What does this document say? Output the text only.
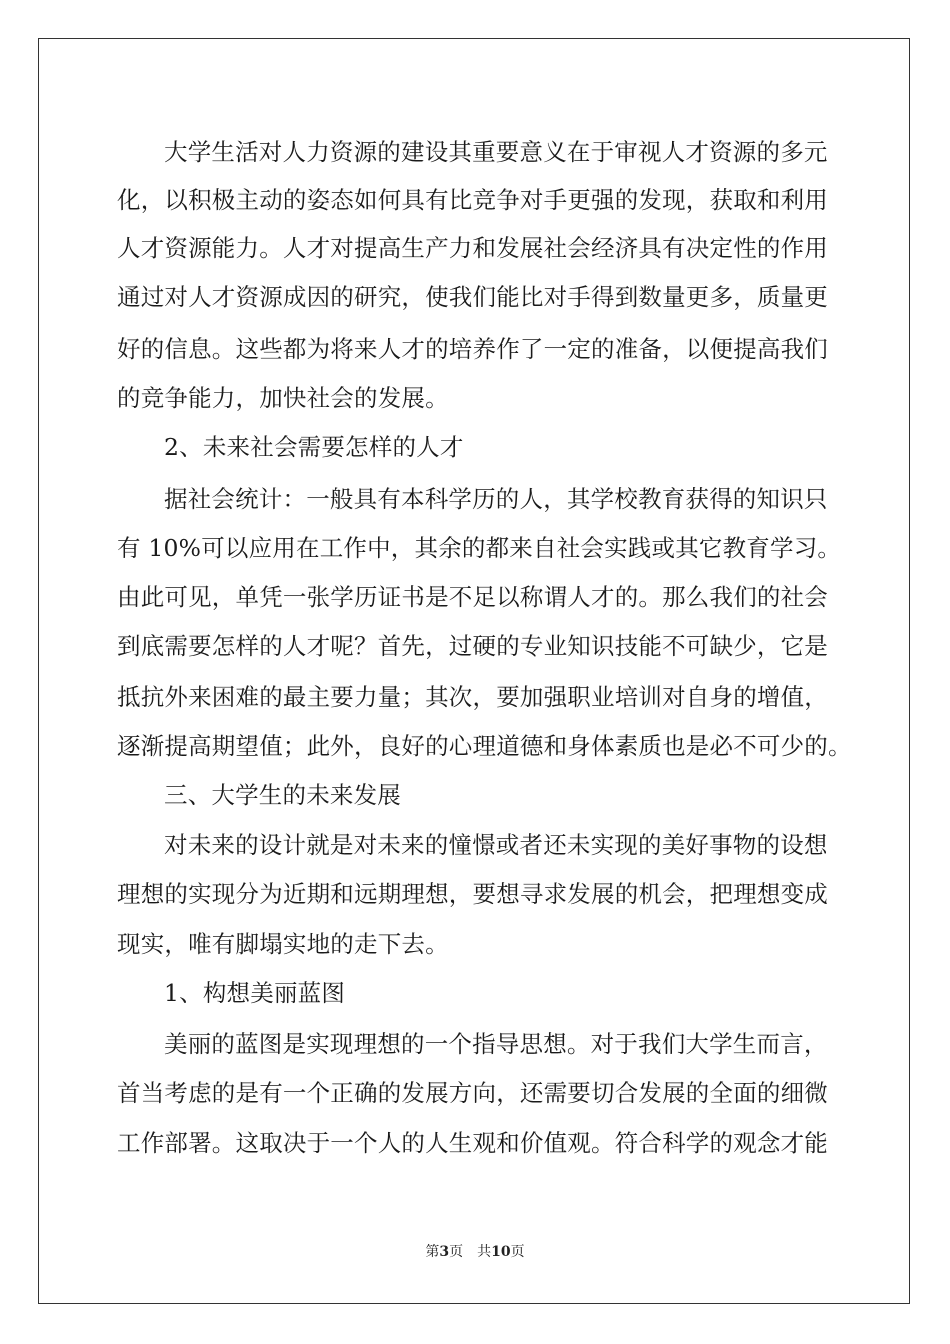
大学生活对人力资源的建设其重要意义在于审视人才资源的多元
化，以积极主动的姿态如何具有比竞争对手更强的发现，获取和利用
人才资源能力。人才对提高生产力和发展社会经济具有决定性的作用
通过对人才资源成因的研究，使我们能比对手得到数量更多，质量更
好的信息。这些都为将来人才的培养作了一定的准备，以便提高我们
的竞争能力，加快社会的发展。
2、未来社会需要怎样的人才
据社会统计：一般具有本科学历的人，其学校教育获得的知识只
有 10%可以应用在工作中，其余的都来自社会实践或其它教育学习。
由此可见，单凭一张学历证书是不足以称谓人才的。那么我们的社会
到底需要怎样的人才呢？首先，过硬的专业知识技能不可缺少，它是
抵抗外来困难的最主要力量；其次，要加强职业培训对自身的增值，
逐渐提高期望值；此外，良好的心理道德和身体素质也是必不可少的。
三、大学生的未来发展
对未来的设计就是对未来的憧憬或者还未实现的美好事物的设想
理想的实现分为近期和远期理想，要想寻求发展的机会，把理想变成
现实，唯有脚塌实地的走下去。
1、构想美丽蓝图
美丽的蓝图是实现理想的一个指导思想。对于我们大学生而言，
首当考虑的是有一个正确的发展方向，还需要切合发展的全面的细微
工作部署。这取决于一个人的人生观和价值观。符合科学的观念才能
第3页 共10页
